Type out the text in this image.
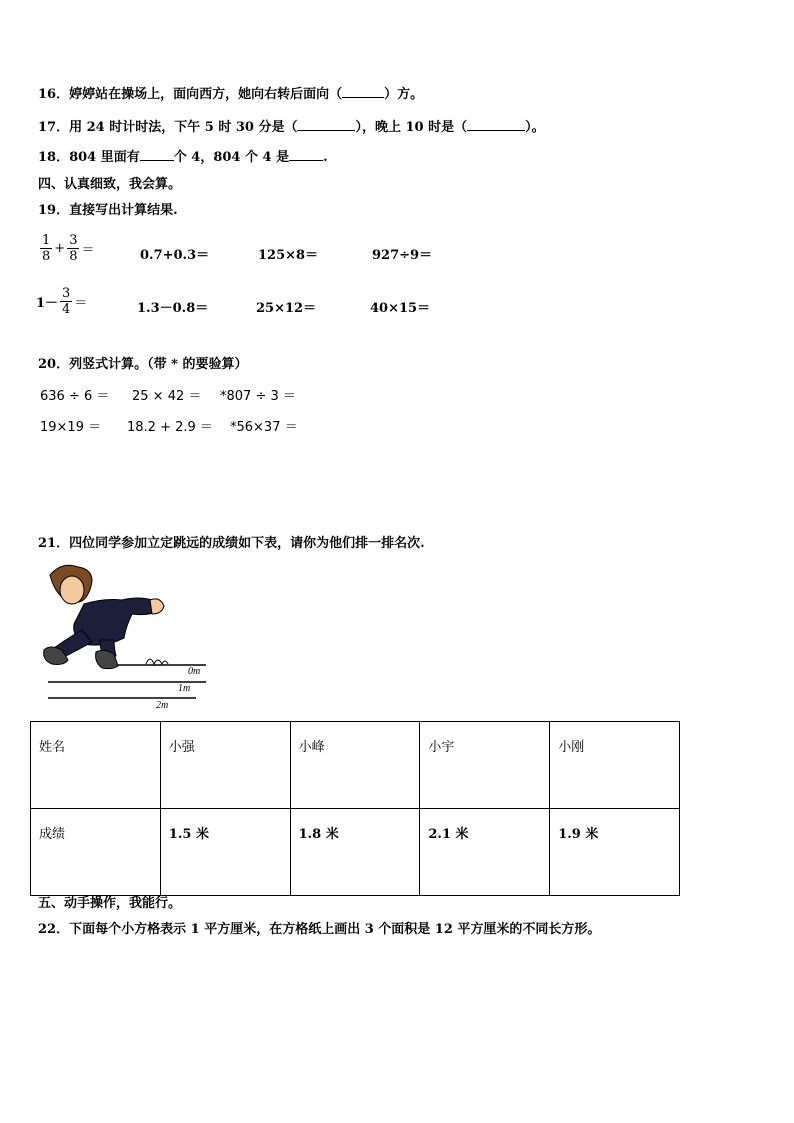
16．婷婷站在操场上，面向西方，她向右转后面向（	）方。
17．用 24 时计时法，下午 5 时 30 分是（	），晚上 10 时是（	）。
18．804 里面有	个 4，804 个 4 是	.
四、认真细致，我会算。
19．直接写出计算结果.
$\frac{1}{8} + \frac{3}{8}$ ＝	0.7+0.3＝	125×8＝	927÷9＝
$1- \frac{3}{4}$ ＝	1.3－0.8＝	25×12＝	40×15＝
20．列竖式计算。（带 * 的要验算）
636 ÷ 6 ＝ 25 × 42 ＝ *807 ÷ 3 ＝
19×19 ＝ 18.2 + 2.9 ＝ *56×37 ＝
21．四位同学参加立定跳远的成绩如下表，请你为他们排一排名次.
0m
1m
2m
姓名	小强	小峰	小宇	小刚
成绩	1.5 米	1.8 米	2.1 米	1.9 米
五、动手操作，我能行。
22．下面每个小方格表示 1 平方厘米，在方格纸上画出 3 个面积是 12 平方厘米的不同长方形。
